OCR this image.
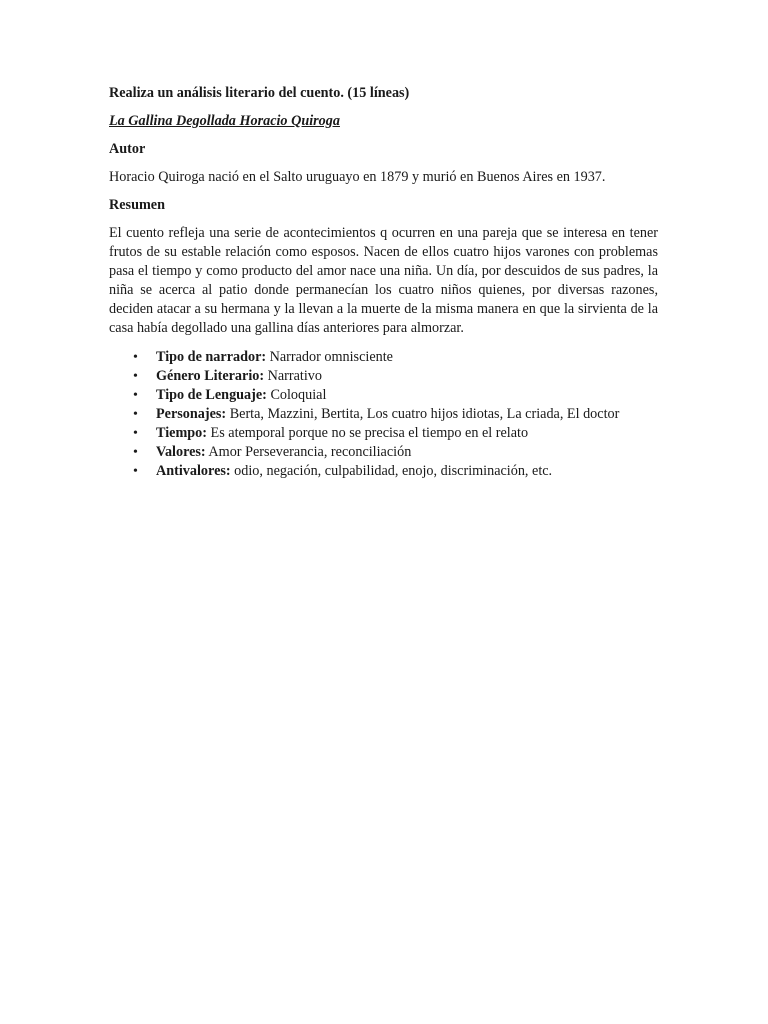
Realiza un análisis literario del cuento. (15 líneas)
La Gallina Degollada Horacio Quiroga
Autor
Horacio Quiroga nació en el Salto uruguayo en 1879 y murió en Buenos Aires en 1937.
Resumen
El cuento refleja una serie de acontecimientos q ocurren en una pareja que se interesa en tener frutos de su estable relación como esposos. Nacen de ellos cuatro hijos varones con problemas pasa el tiempo y como producto del amor nace una niña. Un día, por descuidos de sus padres, la niña se acerca al patio donde permanecían los cuatro niños quienes, por diversas razones, deciden atacar a su hermana y la llevan a la muerte de la misma manera en que la sirvienta de la casa había degollado una gallina días anteriores para almorzar.
• Tipo de narrador: Narrador omnisciente
• Género Literario: Narrativo
• Tipo de Lenguaje: Coloquial
• Personajes: Berta, Mazzini, Bertita, Los cuatro hijos idiotas, La criada, El doctor
• Tiempo: Es atemporal porque no se precisa el tiempo en el relato
• Valores: Amor Perseverancia, reconciliación
• Antivalores: odio, negación, culpabilidad, enojo, discriminación, etc.
